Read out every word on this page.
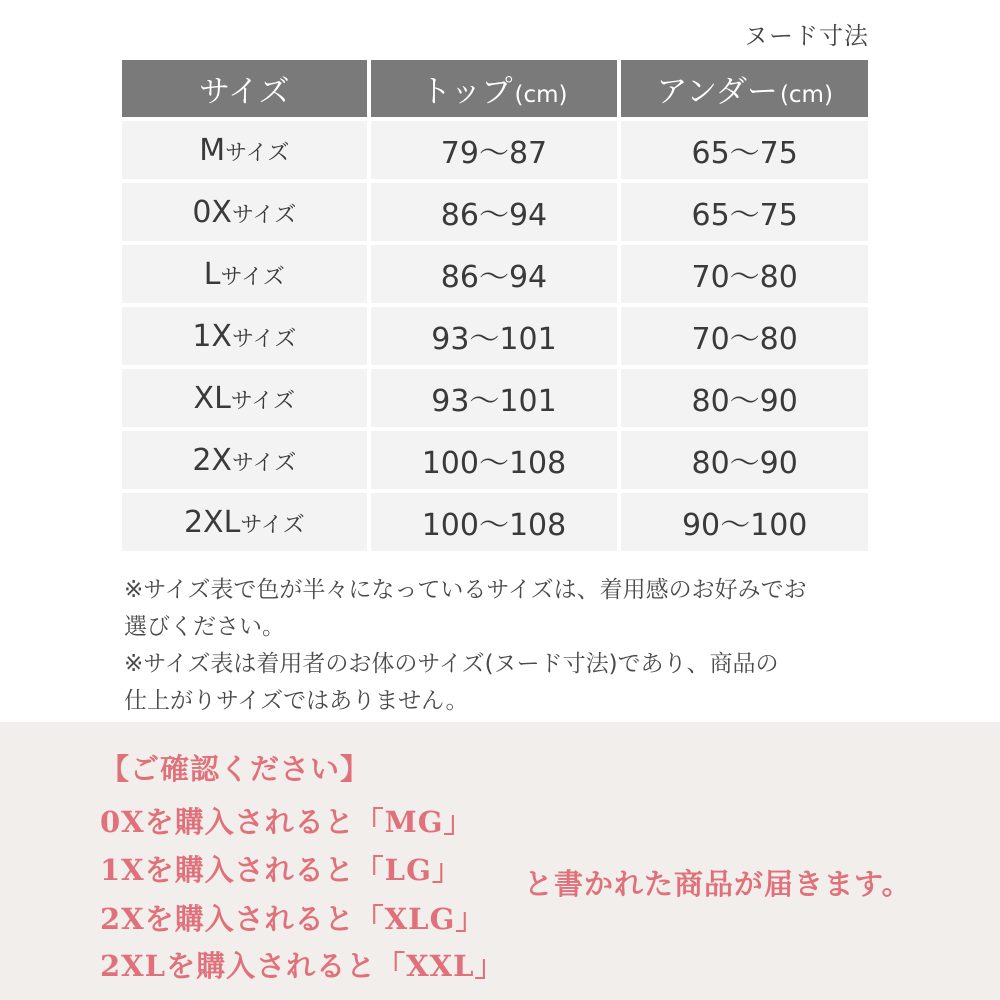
ヌード寸法
サイズ	トップ(cm)	アンダー(cm)
Mサイズ	79〜87	65〜75
0Xサイズ	86〜94	65〜75
Lサイズ	86〜94	70〜80
1Xサイズ	93〜101	70〜80
XLサイズ	93〜101	80〜90
2Xサイズ	100〜108	80〜90
2XLサイズ	100〜108	90〜100

※サイズ表で色が半々になっているサイズは、着用感のお好みでお

選びください。

※サイズ表は着用者のお体のサイズ(ヌード寸法)であり、商品の

仕上がりサイズではありません。

【ご確認ください】
0Xを購入されると「MG」
1Xを購入されると「LG」
2Xを購入されると「XLG」
2XLを購入されると「XXL」
と書かれた商品が届きます。
